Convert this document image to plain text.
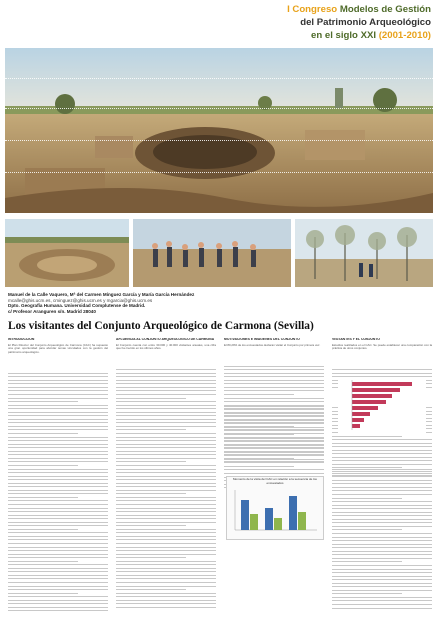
I Congreso Modelos de Gestión
del Patrimonio Arqueológico
en el siglo XXI (2001-2010)
Manuel de la Calle Vaquero, Mª del Carmen Mínguez García y María García Hernández
mcalle@ghis.ucm.es, cminguez@ghis.ucm.es y mgarcia@ghis.ucm.es
Dpto. Geografía Humana. Universidad Complutense de Madrid.
c/ Profesor Aranguren s/n. Madrid 28040
Los visitantes del Conjunto Arqueológico de Carmona (Sevilla)
INTRODUCCIÓN

El Plan Director del Conjunto Arqueológico de Carmona (CAC) ha supuesto una gran oportunidad para abordar temas vinculados con la gestión del patrimonio arqueológico.

AFLUENCIA AL CONJUNTO ARQUEOLÓGICO DE CARMONA

El Conjunto cuenta con entre 30.000 y 40.000 visitantes anuales, una cifra que ha crecido en los últimos años.

MOTIVACIONES E IMÁGENES DEL CONJUNTO

El 80,29% de los encuestados declaran visitar el Conjunto por primera vez.

VISITANTES Y EL CONJUNTO

Estudios realizados en el CAC. Se puede establecer una comparación con la práctica de otros conjuntos.

Momento de la visita del CAC en relación a la secuencia de los encuestados
